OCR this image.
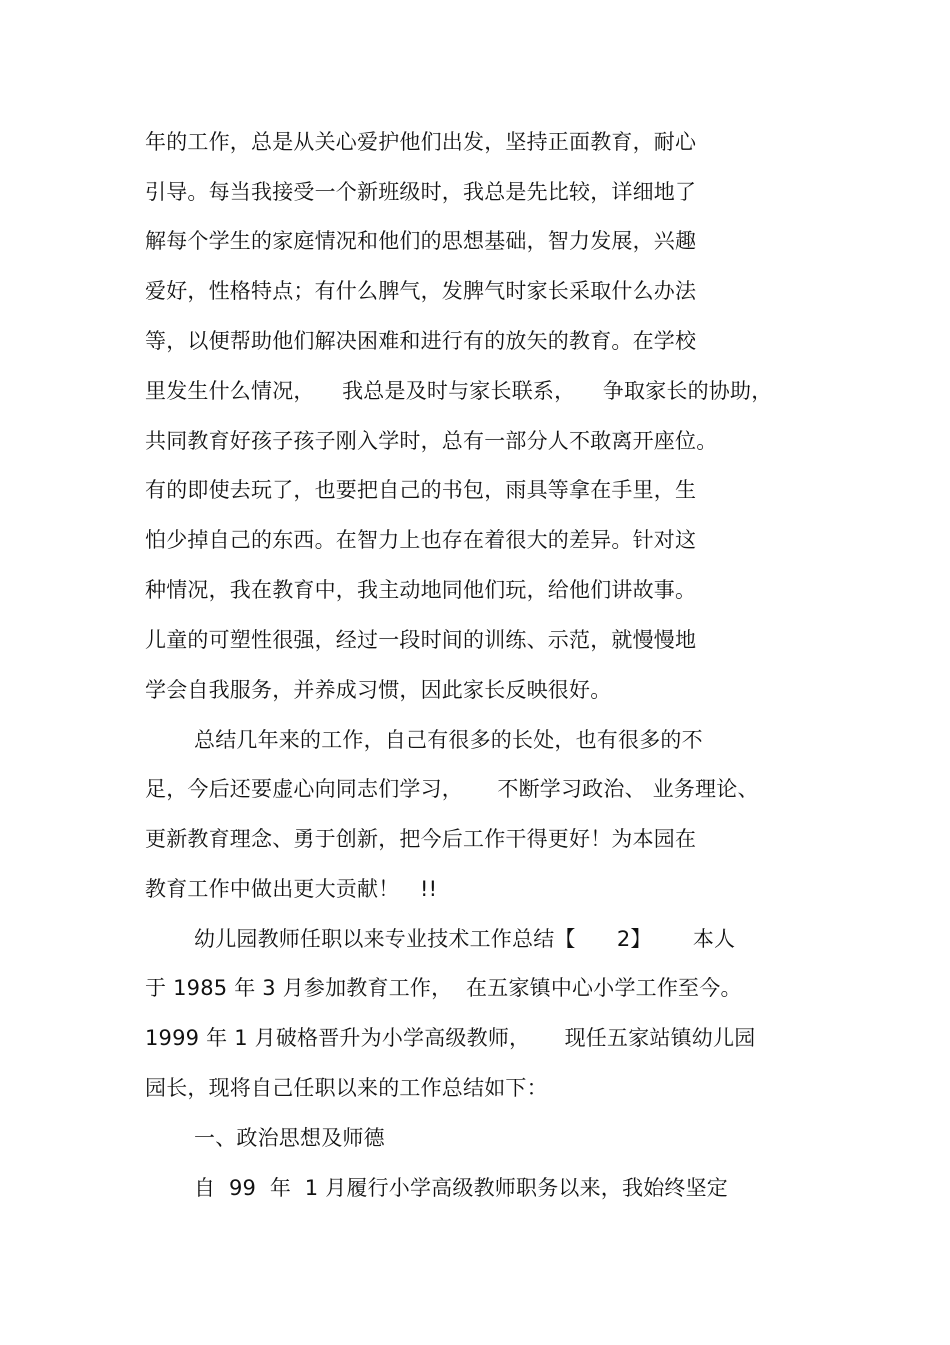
年的工作，总是从关心爱护他们出发，坚持正面教育，耐心
引导。每当我接受一个新班级时，我总是先比较，详细地了
解每个学生的家庭情况和他们的思想基础，智力发展，兴趣
爱好，性格特点；有什么脾气，发脾气时家长采取什么办法
等，以便帮助他们解决困难和进行有的放矢的教育。在学校
里发生什么情况，    我总是及时与家长联系，    争取家长的协助，
共同教育好孩子孩子刚入学时，总有一部分人不敢离开座位。
有的即使去玩了，也要把自己的书包，雨具等拿在手里，生
怕少掉自己的东西。在智力上也存在着很大的差异。针对这
种情况，我在教育中，我主动地同他们玩，给他们讲故事。
儿童的可塑性很强，经过一段时间的训练、示范，就慢慢地
学会自我服务，并养成习惯，因此家长反映很好。
总结几年来的工作，自己有很多的长处，也有很多的不
足，今后还要虚心向同志们学习，     不断学习政治、 业务理论、
更新教育理念、勇于创新，把今后工作干得更好！为本园在
教育工作中做出更大贡献！   !!
幼儿园教师任职以来专业技术工作总结【      2】      本人
于 1985 年 3 月参加教育工作，  在五家镇中心小学工作至今。
1999 年 1 月破格晋升为小学高级教师，     现任五家站镇幼儿园
园长，现将自己任职以来的工作总结如下：
一、政治思想及师德
自  99  年  1 月履行小学高级教师职务以来，我始终坚定
